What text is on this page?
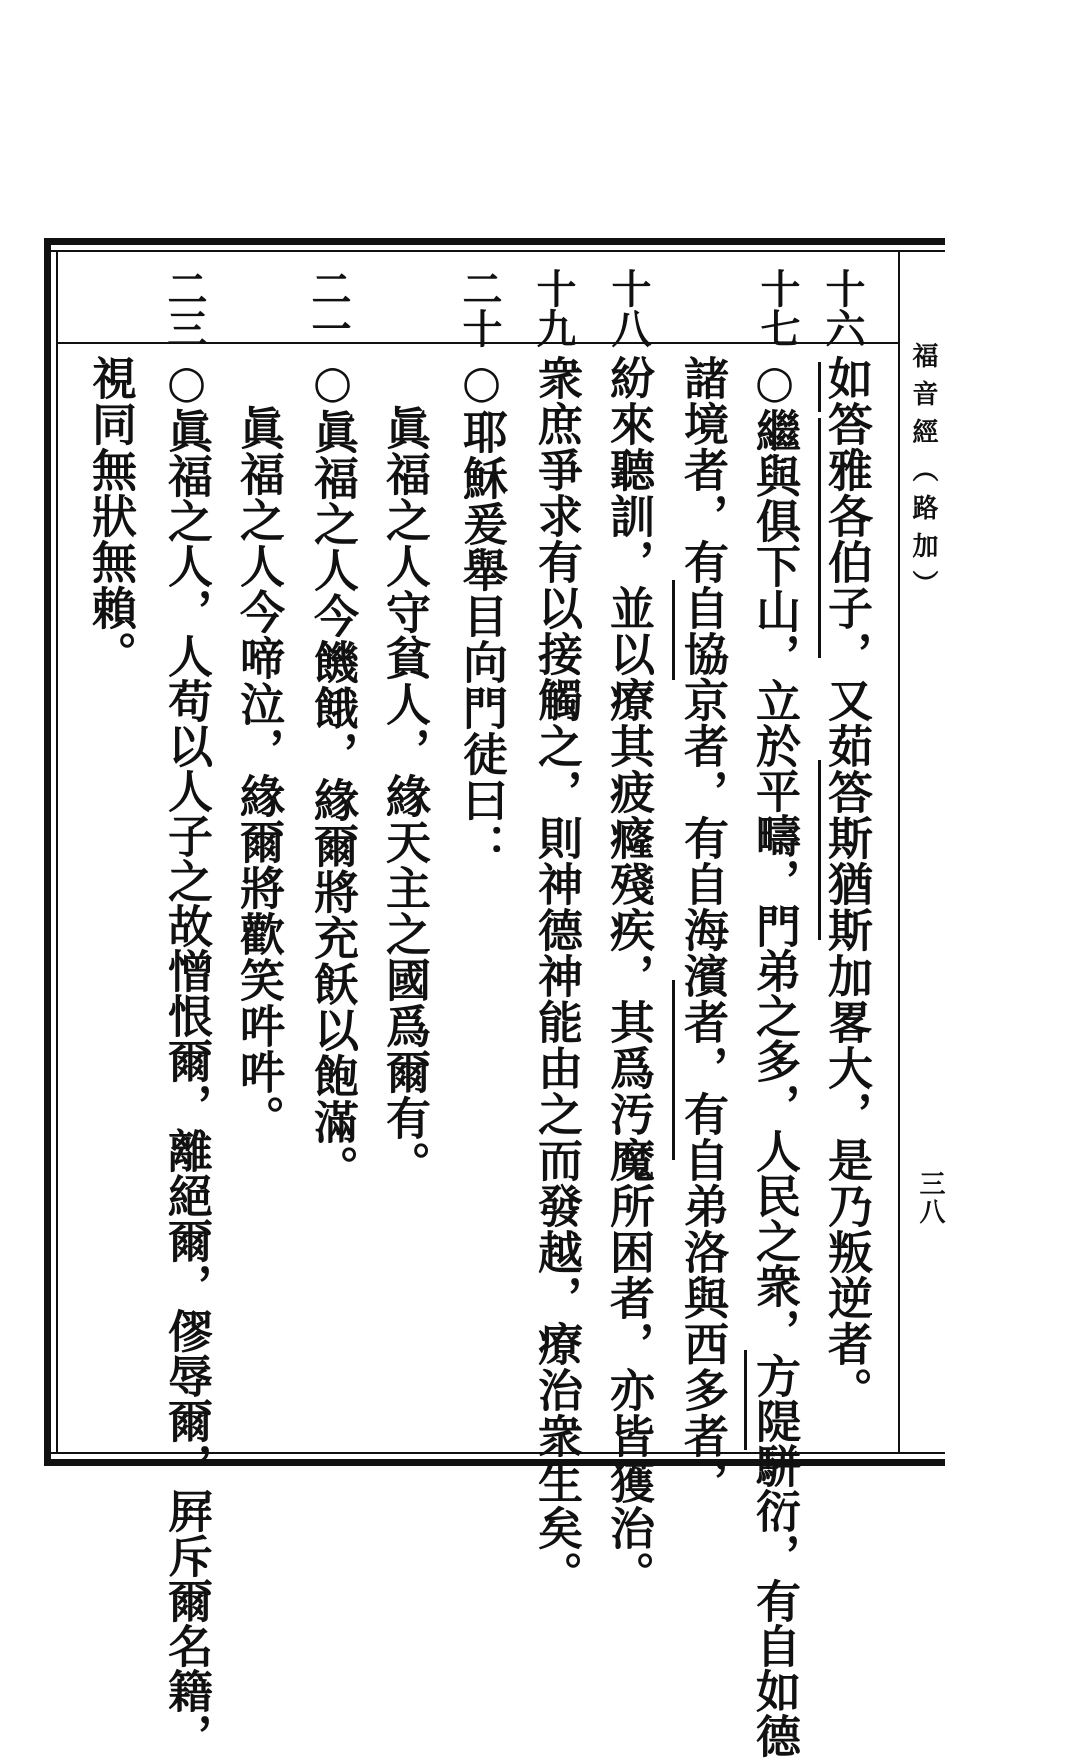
福音經（路加）
三八
十六
十七
十八
十九
二十
二一
二三
如答雅各伯子，又茹答斯猶斯加畧大，是乃叛逆者。
○繼與俱下山，立於平疇，門弟之多，人民之衆，方隄駢衍，有自如德
諸境者，有自協京者，有自海濱者，有自弟洛與西多者，
紛來聽訓，並以療其疲癃殘疾，其爲汚魔所困者，亦皆獲治。
衆庶爭求有以接觸之，則神德神能由之而發越，療治衆生矣。
○耶穌爰舉目向門徒曰：
眞福之人守貧人，緣天主之國爲爾有。
○眞福之人今饑餓，緣爾將充飫以飽滿。
眞福之人今啼泣，緣爾將歡笑吽吽。
○眞福之人，人苟以人子之故憎恨爾，離絕爾，僇辱爾，屛斥爾名籍，
視同無狀無賴。
